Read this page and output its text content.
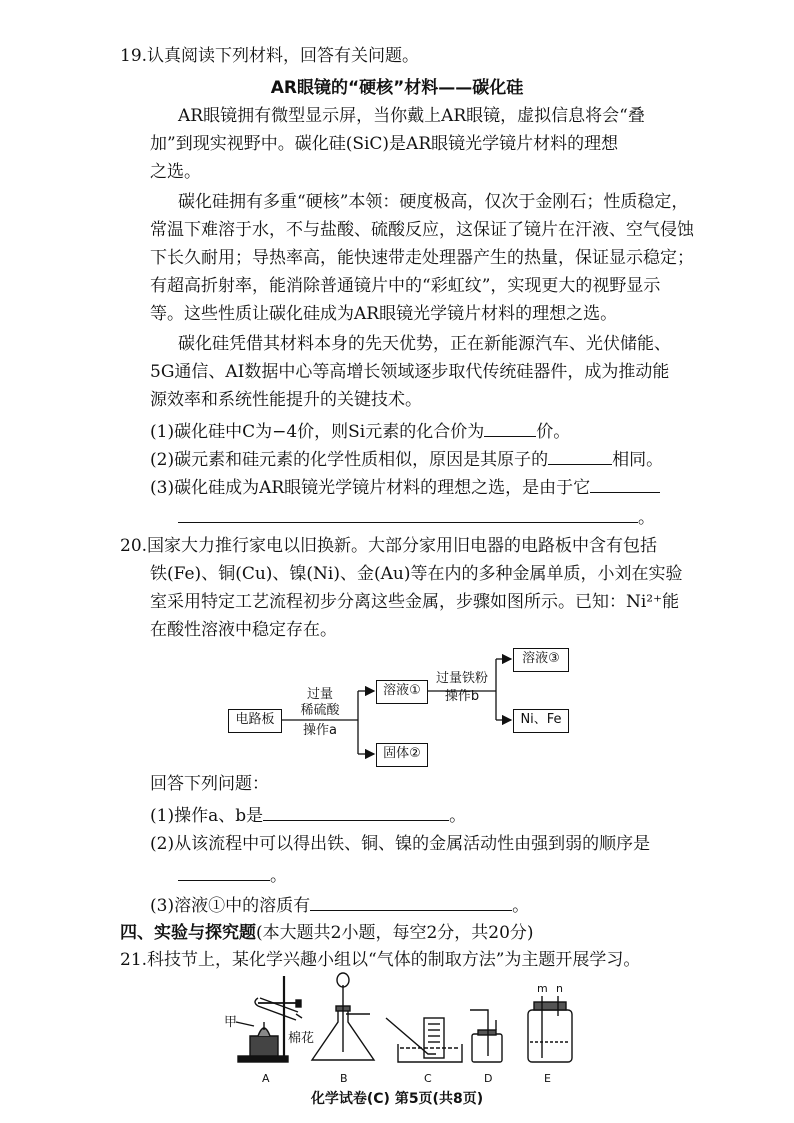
19.认真阅读下列材料，回答有关问题。
AR眼镜的“硬核”材料——碳化硅
AR眼镜拥有微型显示屏，当你戴上AR眼镜，虚拟信息将会“叠
加”到现实视野中。碳化硅(SiC)是AR眼镜光学镜片材料的理想
之选。
碳化硅拥有多重“硬核”本领：硬度极高，仅次于金刚石；性质稳定，
常温下难溶于水，不与盐酸、硫酸反应，这保证了镜片在汗液、空气侵蚀
下长久耐用；导热率高，能快速带走处理器产生的热量，保证显示稳定；
有超高折射率，能消除普通镜片中的“彩虹纹”，实现更大的视野显示
等。这些性质让碳化硅成为AR眼镜光学镜片材料的理想之选。
碳化硅凭借其材料本身的先天优势，正在新能源汽车、光伏储能、
5G通信、AI数据中心等高增长领域逐步取代传统硅器件，成为推动能
源效率和系统性能提升的关键技术。
(1)碳化硅中C为−4价，则Si元素的化合价为	价。
(2)碳元素和硅元素的化学性质相似，原因是其原子的	相同。
(3)碳化硅成为AR眼镜光学镜片材料的理想之选，是由于它
。
20.国家大力推行家电以旧换新。大部分家用旧电器的电路板中含有包括
铁(Fe)、铜(Cu)、镍(Ni)、金(Au)等在内的多种金属单质，小刘在实验
室采用特定工艺流程初步分离这些金属，步骤如图所示。已知：Ni²⁺能
在酸性溶液中稳定存在。
电路板
过量
稀硫酸
操作a
溶液①
固体②
过量铁粉
操作b
溶液③
Ni、Fe
回答下列问题：
(1)操作a、b是	。
(2)从该流程中可以得出铁、铜、镍的金属活动性由强到弱的顺序是
。
(3)溶液①中的溶质有	。
四、实验与探究题(本大题共2小题，每空2分，共20分)
21.科技节上，某化学兴趣小组以“气体的制取方法”为主题开展学习。
甲
棉花
m n
A	B	C	D	E
化学试卷(C) 第5页(共8页)
